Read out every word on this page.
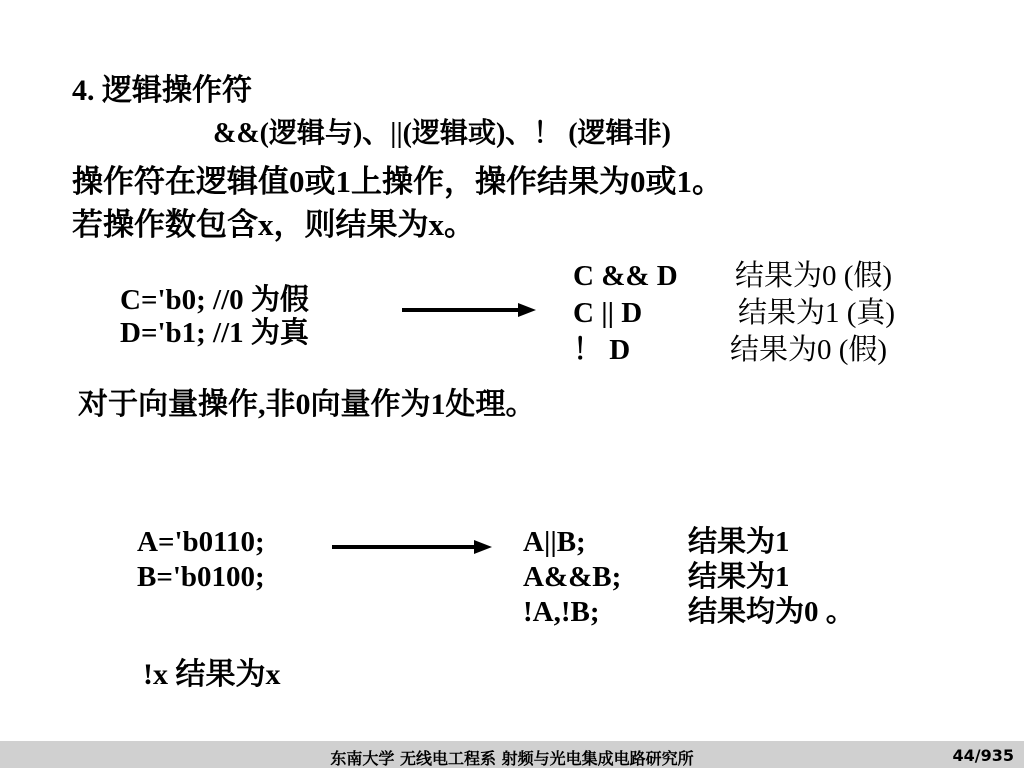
4. 逻辑操作符
&&(逻辑与)、||(逻辑或)、！ (逻辑非)
操作符在逻辑值0或1上操作，操作结果为0或1。
若操作数包含x，则结果为x。
C='b0; //0 为假
D='b1; //1 为真
C && D 结果为0 (假)
C || D	结果为1 (真)
！ D	结果为0 (假)
对于向量操作,非0向量作为1处理。
A='b0110;
B='b0100;
A||B;	结果为1
A&&B; 结果为1
!A,!B;	结果均为0 。
!x 结果为x
东南大学 无线电工程系 射频与光电集成电路研究所	44/935
